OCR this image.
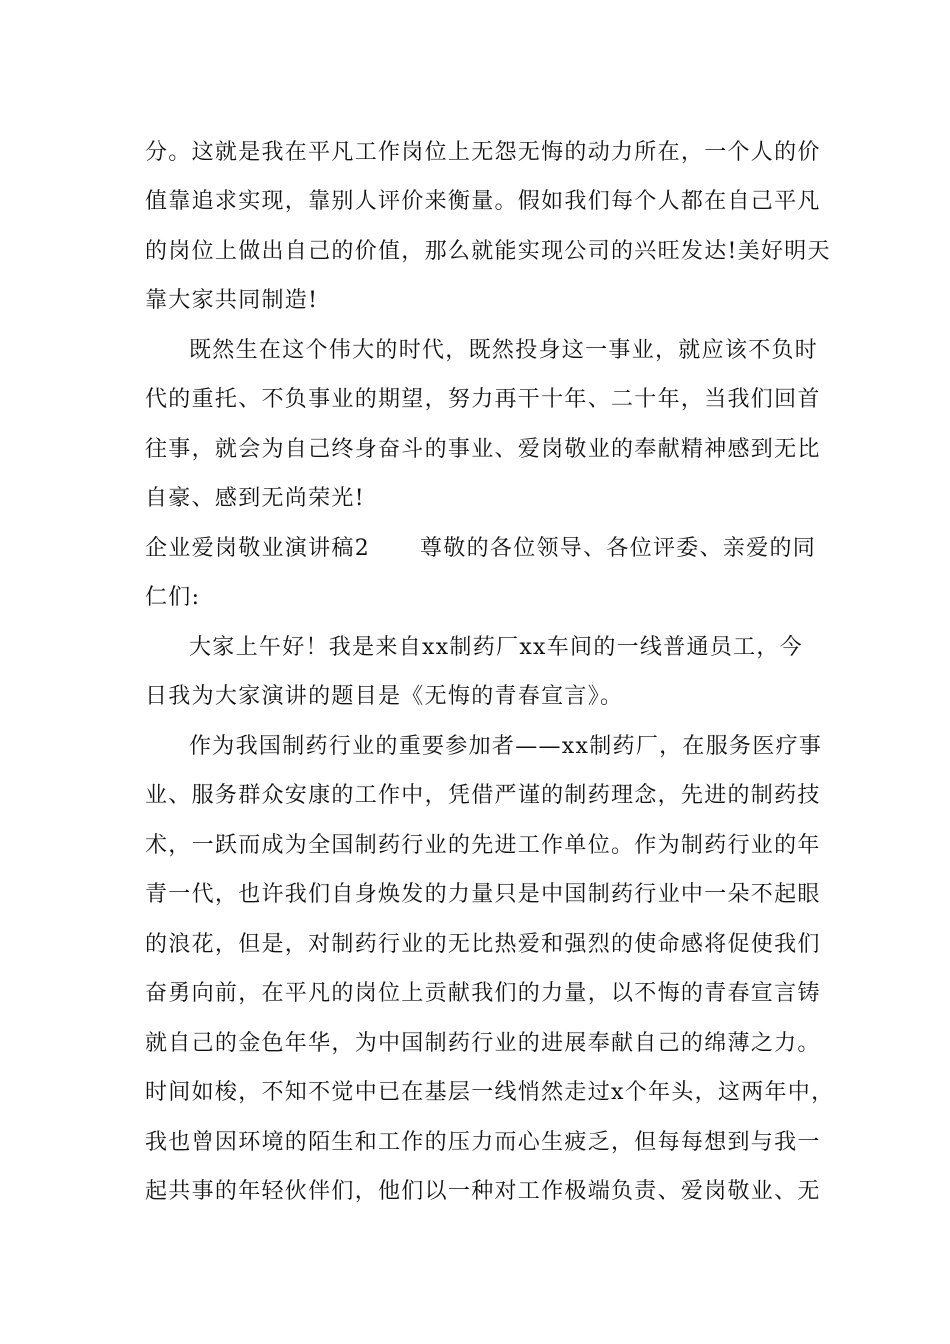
分。这就是我在平凡工作岗位上无怨无悔的动力所在，一个人的价
值靠追求实现，靠别人评价来衡量。假如我们每个人都在自己平凡
的岗位上做出自己的价值，那么就能实现公司的兴旺发达!美好明天
靠大家共同制造!
既然生在这个伟大的时代，既然投身这一事业，就应该不负时
代的重托、不负事业的期望，努力再干十年、二十年，当我们回首
往事，就会为自己终身奋斗的事业、爱岗敬业的奉献精神感到无比
自豪、感到无尚荣光!
企业爱岗敬业演讲稿2 尊敬的各位领导、各位评委、亲爱的同
仁们:
大家上午好！我是来自xx制药厂xx车间的一线普通员工，今
日我为大家演讲的题目是《无悔的青春宣言》。
作为我国制药行业的重要参加者——xx制药厂，在服务医疗事
业、服务群众安康的工作中，凭借严谨的制药理念，先进的制药技
术，一跃而成为全国制药行业的先进工作单位。作为制药行业的年
青一代，也许我们自身焕发的力量只是中国制药行业中一朵不起眼
的浪花，但是，对制药行业的无比热爱和强烈的使命感将促使我们
奋勇向前，在平凡的岗位上贡献我们的力量，以不悔的青春宣言铸
就自己的金色年华，为中国制药行业的进展奉献自己的绵薄之力。
时间如梭，不知不觉中已在基层一线悄然走过x个年头，这两年中，
我也曾因环境的陌生和工作的压力而心生疲乏，但每每想到与我一
起共事的年轻伙伴们，他们以一种对工作极端负责、爱岗敬业、无
